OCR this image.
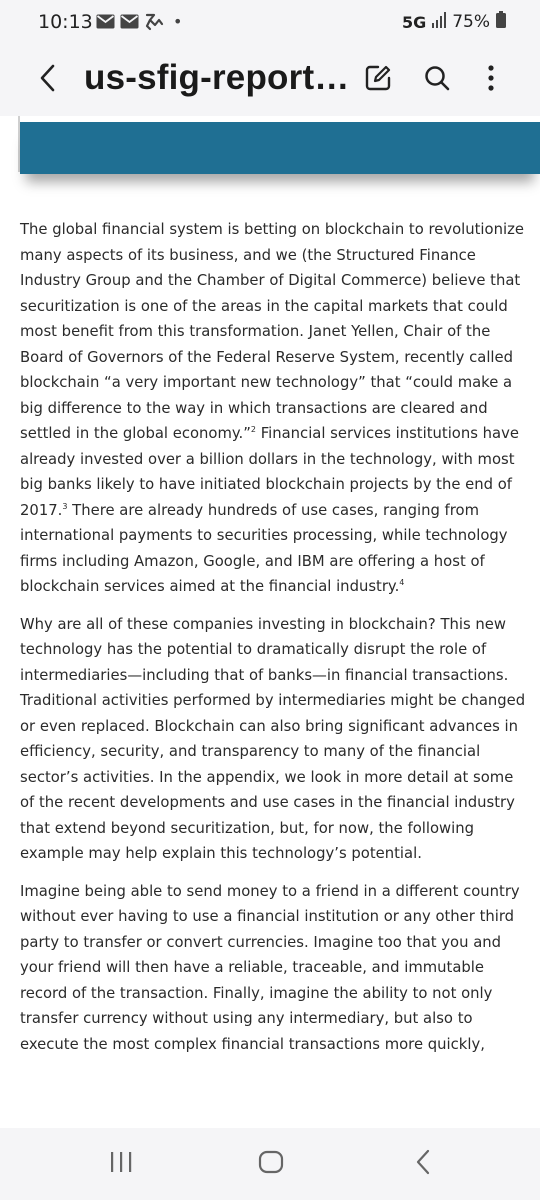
10:13	•	5G 75%
us-sfig-report…

The global financial system is betting on blockchain to revolutionize many aspects of its business, and we (the Structured Finance Industry Group and the Chamber of Digital Commerce) believe that securitization is one of the areas in the capital markets that could most benefit from this transformation. Janet Yellen, Chair of the Board of Governors of the Federal Reserve System, recently called blockchain “a very important new technology” that “could make a big difference to the way in which transactions are cleared and settled in the global economy.”$^2$ Financial services institutions have already invested over a billion dollars in the technology, with most big banks likely to have initiated blockchain projects by the end of 2017.$^3$ There are already hundreds of use cases, ranging from international payments to securities processing, while technology firms including Amazon, Google, and IBM are offering a host of blockchain services aimed at the financial industry.$^4$

Why are all of these companies investing in blockchain? This new technology has the potential to dramatically disrupt the role of intermediaries—including that of banks—in financial transactions. Traditional activities performed by intermediaries might be changed or even replaced. Blockchain can also bring significant advances in efficiency, security, and transparency to many of the financial sector’s activities. In the appendix, we look in more detail at some of the recent developments and use cases in the financial industry that extend beyond securitization, but, for now, the following example may help explain this technology’s potential.

Imagine being able to send money to a friend in a different country without ever having to use a financial institution or any other third party to transfer or convert currencies. Imagine too that you and your friend will then have a reliable, traceable, and immutable record of the transaction. Finally, imagine the ability to not only transfer currency without using any intermediary, but also to execute the most complex financial transactions more quickly,
